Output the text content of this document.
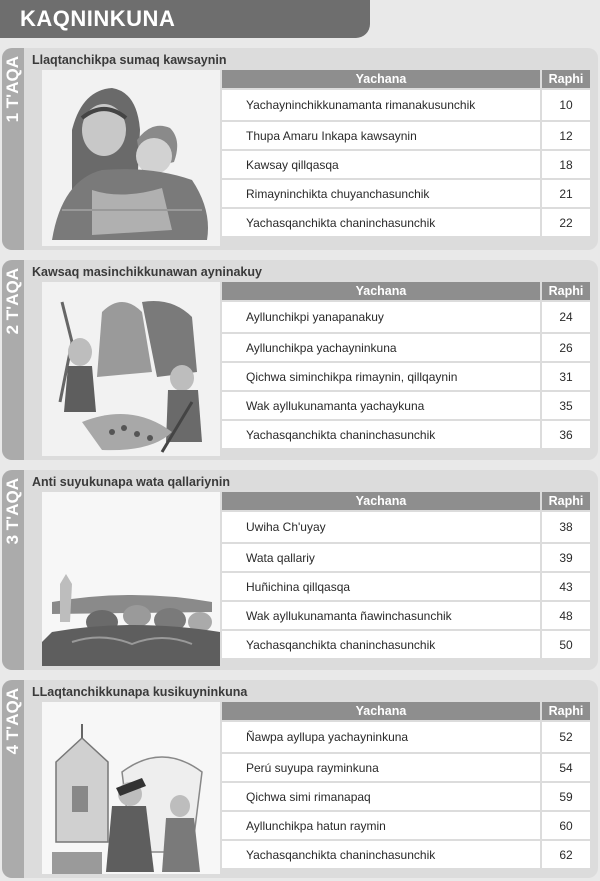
KAQNINKUNA
1 T'AQA Llaqtanchikpa sumaq kawsaynin
Yachana	Raphi
Yachayninchikkunamanta rimanakusunchik	10
Thupa Amaru Inkapa kawsaynin	12
Kawsay qillqasqa	18
Rimayninchikta chuyanchasunchik	21
Yachasqanchikta chaninchasunchik	22
2 T'AQA Kawsaq masinchikkunawan ayninakuy
Yachana	Raphi
Ayllunchikpi yanapanakuy	24
Ayllunchikpa yachayninkuna	26
Qichwa siminchikpa rimaynin, qillqaynin	31
Wak ayllukunamanta yachaykuna	35
Yachasqanchikta chaninchasunchik	36
3 T'AQA Anti suyukunapa wata qallariynin
Yachana	Raphi
Uwiha Ch'uyay	38
Wata qallariy	39
Huñichina qillqasqa	43
Wak ayllukunamanta ñawinchasunchik	48
Yachasqanchikta chaninchasunchik	50
4 T'AQA LLaqtanchikkunapa kusikuyninkuna
Yachana	Raphi
Ñawpa ayllupa yachayninkuna	52
Perú suyupa rayminkuna	54
Qichwa simi rimanapaq	59
Ayllunchikpa hatun raymin	60
Yachasqanchikta chaninchasunchik	62
